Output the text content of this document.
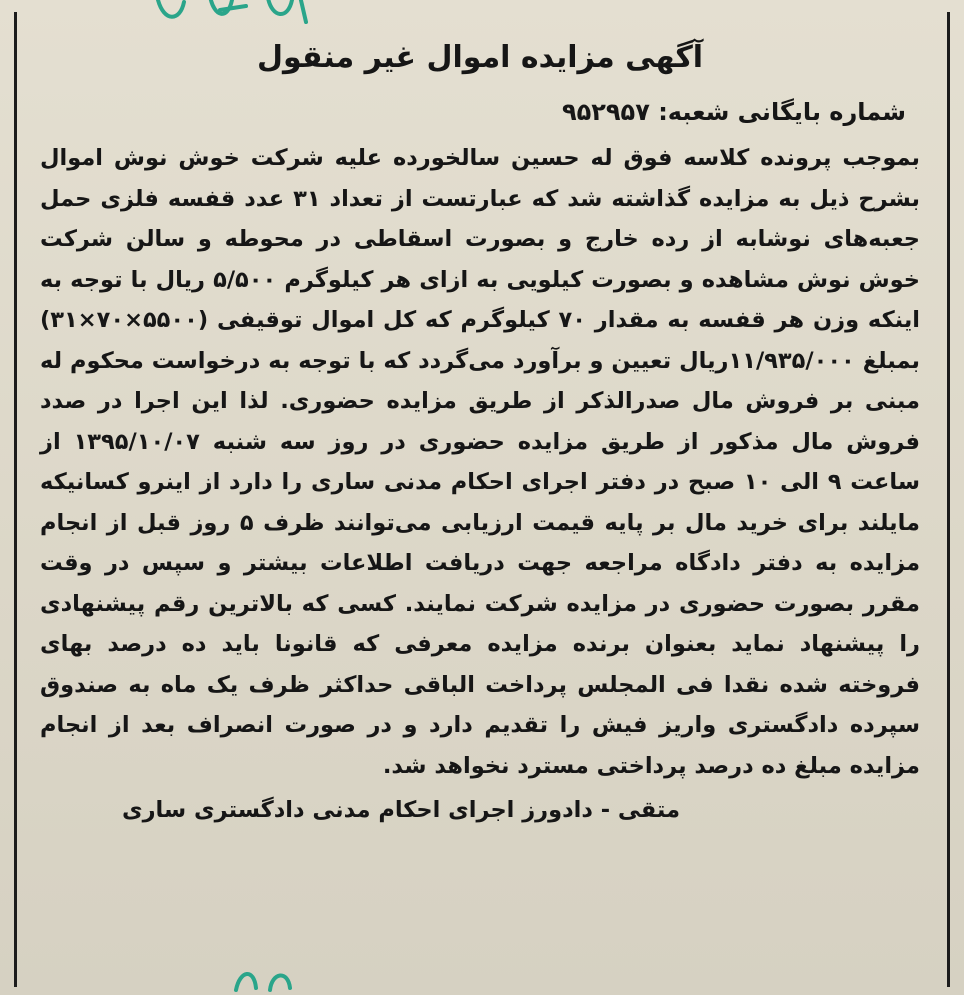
آگهی مزایده اموال غیر منقول
شماره بایگانی شعبه: ۹۵۲۹۵۷

بموجب پرونده کلاسه فوق له حسین سالخورده علیه شرکت خوش نوش اموال بشرح ذیل به مزایده گذاشته شد که عبارتست از تعداد ۳۱ عدد قفسه فلزی حمل جعبه‌های نوشابه از رده خارج و بصورت اسقاطی در محوطه و سالن شرکت خوش نوش مشاهده و بصورت کیلویی به ازای هر کیلوگرم ۵/۵۰۰ ریال با توجه به اینکه وزن هر قفسه به مقدار ۷۰ کیلوگرم که کل اموال توقیفی (۵۵۰۰×۷۰×۳۱) بمبلغ ۱۱/۹۳۵/۰۰۰ریال تعیین و برآورد می‌گردد که با توجه به درخواست محکوم له مبنی بر فروش مال صدرالذکر از طریق مزایده حضوری. لذا این اجرا در صدد فروش مال مذکور از طریق مزایده حضوری در روز سه شنبه ۱۳۹۵/۱۰/۰۷ از ساعت ۹ الی ۱۰ صبح در دفتر اجرای احکام مدنی ساری را دارد از اینرو کسانیکه مایلند برای خرید مال بر پایه قیمت ارزیابی می‌توانند ظرف ۵ روز قبل از انجام مزایده به دفتر دادگاه مراجعه جهت دریافت اطلاعات بیشتر و سپس در وقت مقرر بصورت حضوری در مزایده شرکت نمایند. کسی که بالاترین رقم پیشنهادی را پیشنهاد نماید بعنوان برنده مزایده معرفی که قانونا باید ده درصد بهای فروخته شده نقدا فی المجلس پرداخت الباقی حداکثر ظرف یک ماه به صندوق سپرده دادگستری واریز فیش را تقدیم دارد و در صورت انصراف بعد از انجام مزایده مبلغ ده درصد پرداختی مسترد نخواهد شد.

متقی - دادورز اجرای احکام مدنی دادگستری ساری
